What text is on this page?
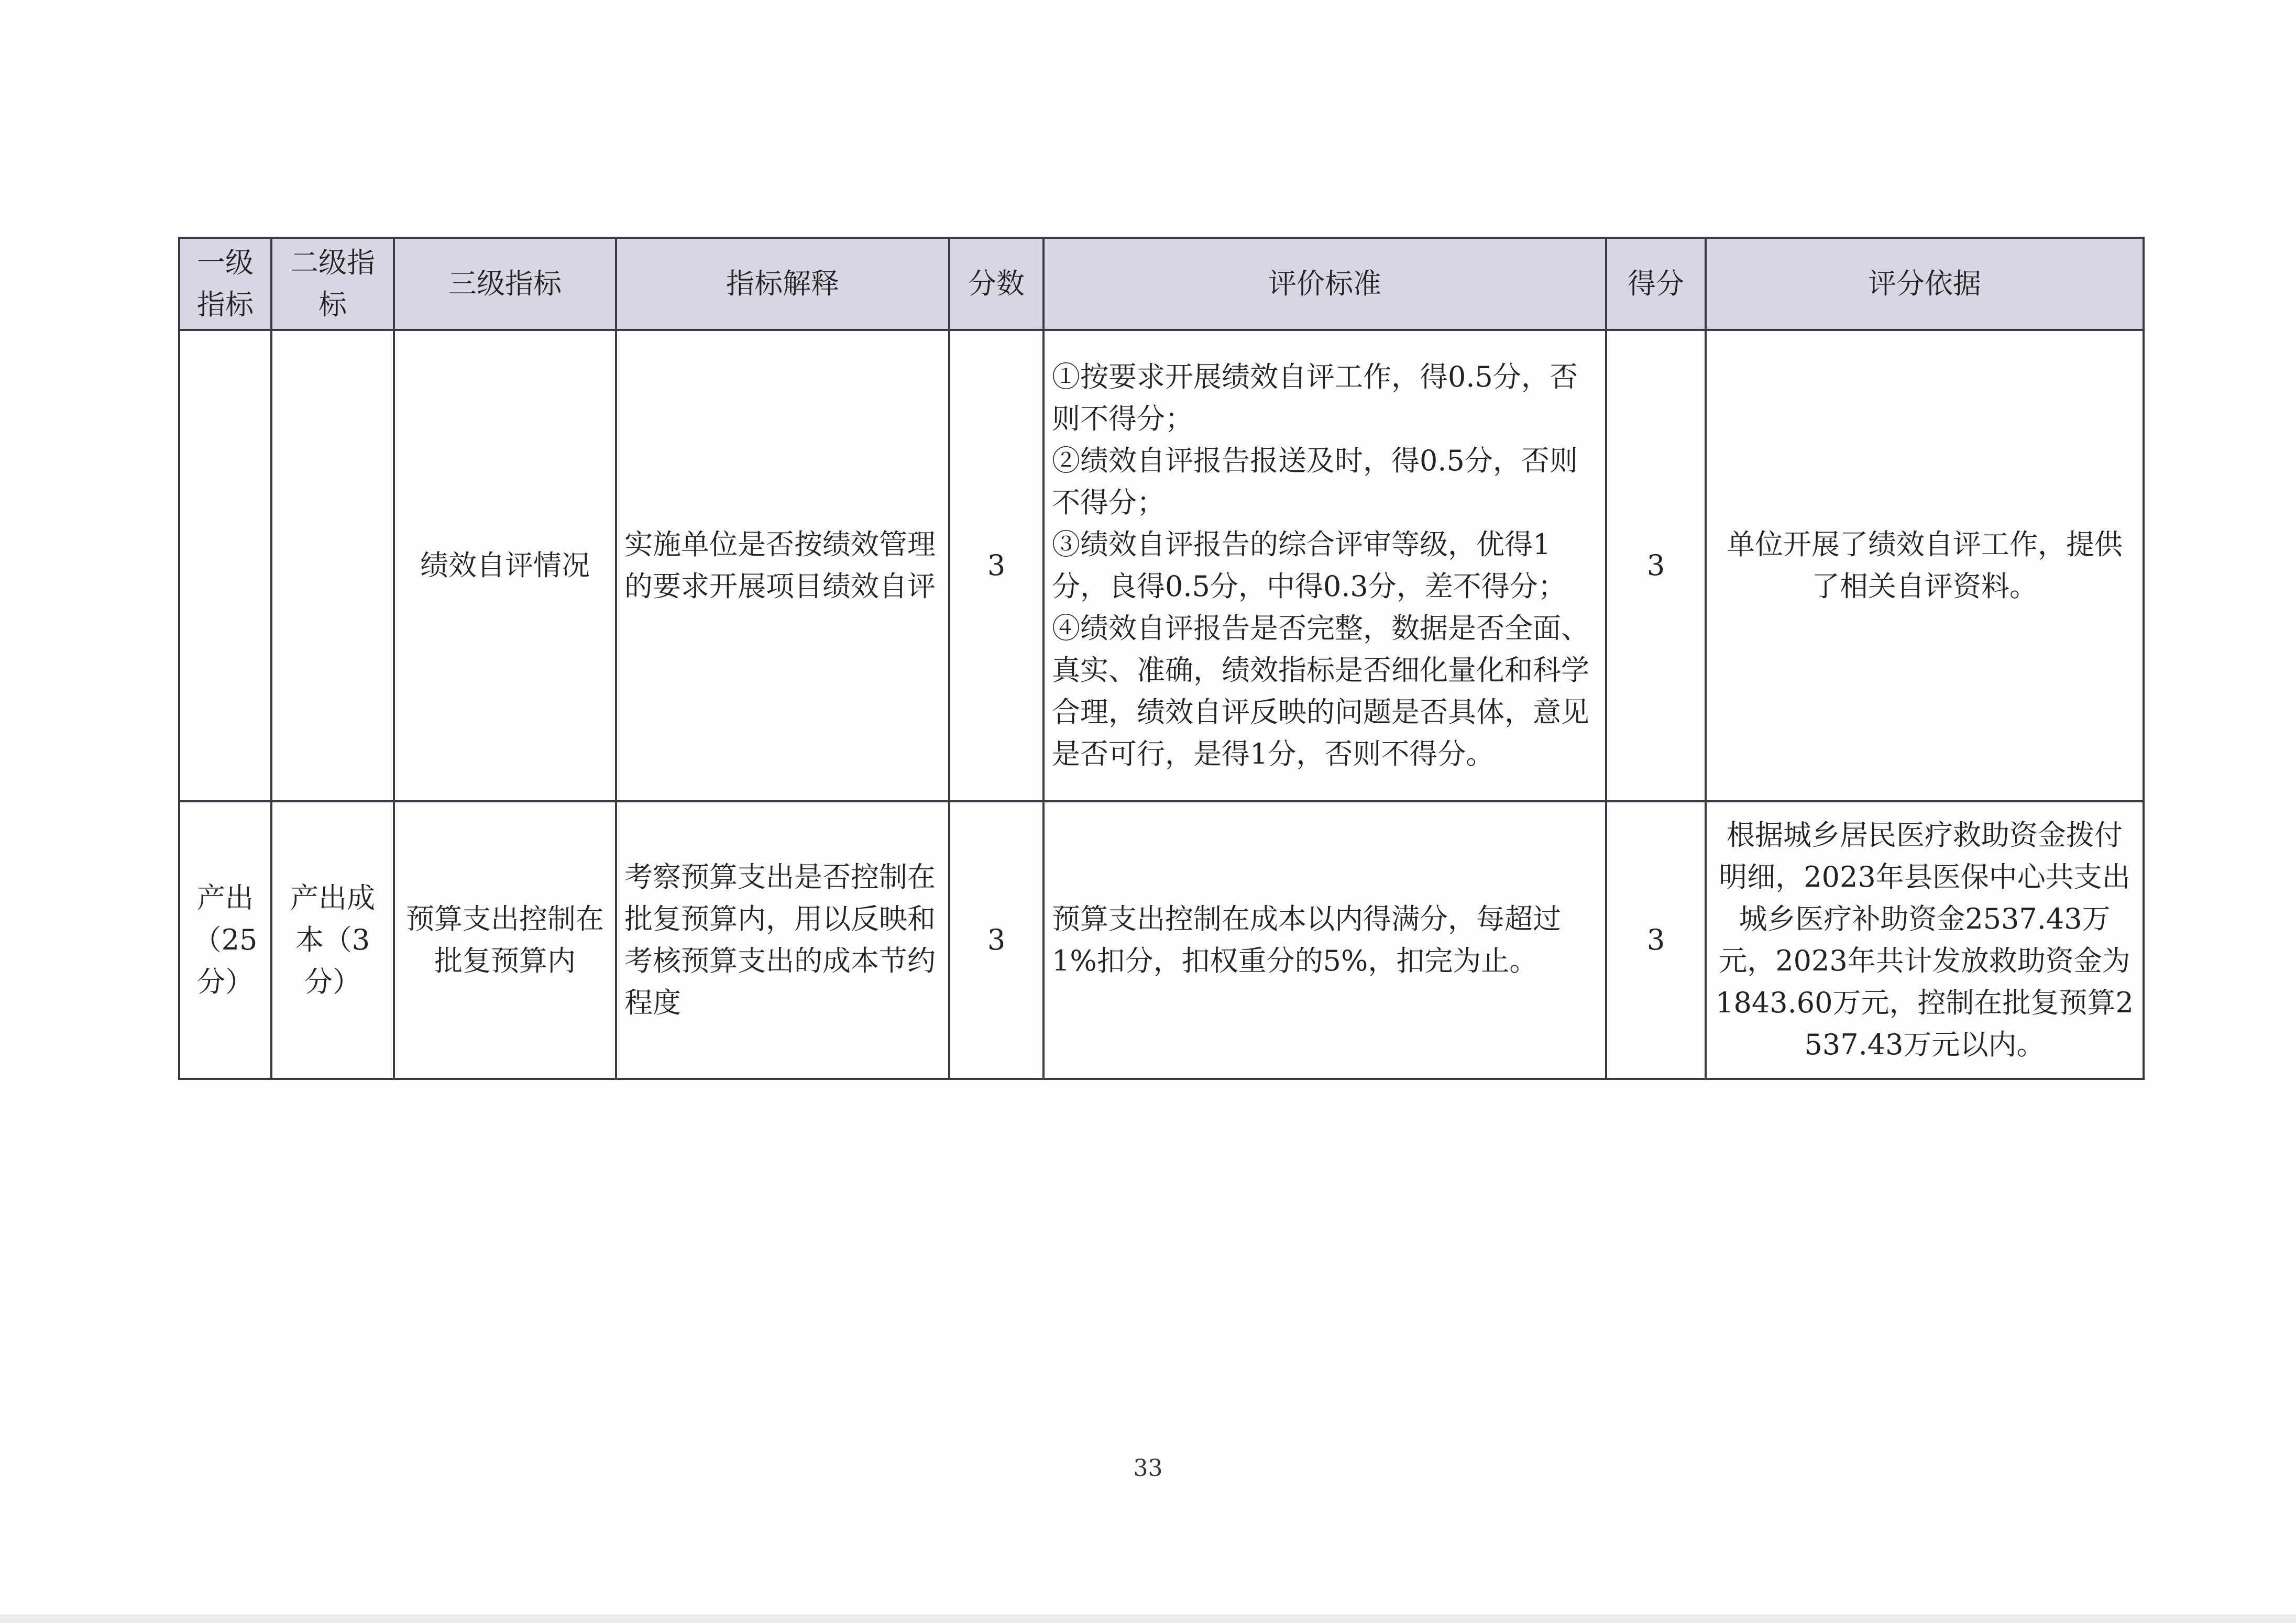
一级指标	二级指标	三级指标	指标解释	分数	评价标准	得分	评分依据
		绩效自评情况	实施单位是否按绩效管理的要求开展项目绩效自评	3	①按要求开展绩效自评工作，得0.5分，否则不得分；
②绩效自评报告报送及时，得0.5分，否则不得分；
③绩效自评报告的综合评审等级，优得1分，良得0.5分，中得0.3分，差不得分；
④绩效自评报告是否完整，数据是否全面、真实、准确，绩效指标是否细化量化和科学合理，绩效自评反映的问题是否具体，意见是否可行，是得1分，否则不得分。	3	单位开展了绩效自评工作，提供了相关自评资料。
产出（25分）	产出成本（3分）	预算支出控制在批复预算内	考察预算支出是否控制在批复预算内，用以反映和考核预算支出的成本节约程度	3	预算支出控制在成本以内得满分，每超过1%扣分，扣权重分的5%，扣完为止。	3	根据城乡居民医疗救助资金拨付明细，2023年县医保中心共支出城乡医疗补助资金2537.43万元，2023年共计发放救助资金为1843.60万元，控制在批复预算2537.43万元以内。
33
